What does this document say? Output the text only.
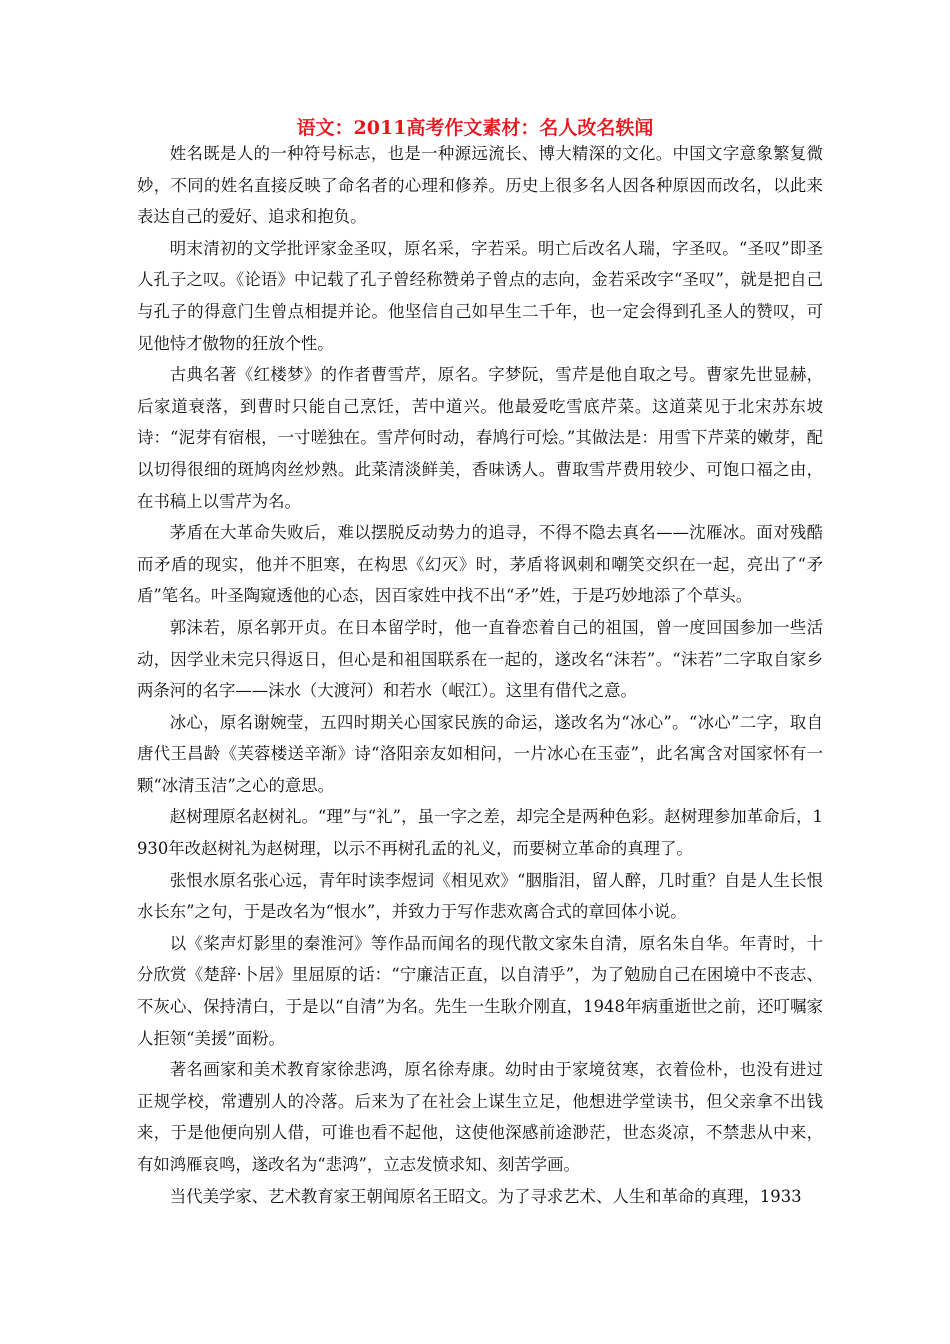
语文：2011高考作文素材：名人改名轶闻

姓名既是人的一种符号标志，也是一种源远流长、博大精深的文化。中国文字意象繁复微妙，不同的姓名直接反映了命名者的心理和修养。历史上很多名人因各种原因而改名，以此来表达自己的爱好、追求和抱负。

明末清初的文学批评家金圣叹，原名采，字若采。明亡后改名人瑞，字圣叹。“圣叹”即圣人孔子之叹。《论语》中记载了孔子曾经称赞弟子曾点的志向，金若采改字“圣叹”，就是把自己与孔子的得意门生曾点相提并论。他坚信自己如早生二千年，也一定会得到孔圣人的赞叹，可见他恃才傲物的狂放个性。

古典名著《红楼梦》的作者曹雪芹，原名。字梦阮，雪芹是他自取之号。曹家先世显赫，后家道衰落，到曹时只能自己烹饪，苦中道兴。他最爱吃雪底芹菜。这道菜见于北宋苏东坡诗：“泥芽有宿根，一寸嗟独在。雪芹何时动，春鸠行可烩。”其做法是：用雪下芹菜的嫩芽，配以切得很细的斑鸠肉丝炒熟。此菜清淡鲜美，香味诱人。曹取雪芹费用较少、可饱口福之由，在书稿上以雪芹为名。

茅盾在大革命失败后，难以摆脱反动势力的追寻，不得不隐去真名——沈雁冰。面对残酷而矛盾的现实，他并不胆寒，在构思《幻灭》时，茅盾将讽刺和嘲笑交织在一起，亮出了“矛盾”笔名。叶圣陶窥透他的心态，因百家姓中找不出“矛”姓，于是巧妙地添了个草头。

郭沫若，原名郭开贞。在日本留学时，他一直眷恋着自己的祖国，曾一度回国参加一些活动，因学业未完只得返日，但心是和祖国联系在一起的，遂改名“沫若”。“沫若”二字取自家乡两条河的名字——沫水（大渡河）和若水（岷江）。这里有借代之意。

冰心，原名谢婉莹，五四时期关心国家民族的命运，遂改名为“冰心”。“冰心”二字，取自唐代王昌龄《芙蓉楼送辛渐》诗“洛阳亲友如相问，一片冰心在玉壶”，此名寓含对国家怀有一颗“冰清玉洁”之心的意思。

赵树理原名赵树礼。“理”与“礼”，虽一字之差，却完全是两种色彩。赵树理参加革命后，1930年改赵树礼为赵树理，以示不再树孔孟的礼义，而要树立革命的真理了。

张恨水原名张心远，青年时读李煜词《相见欢》“胭脂泪，留人醉，几时重？自是人生长恨水长东”之句，于是改名为“恨水”，并致力于写作悲欢离合式的章回体小说。

以《桨声灯影里的秦淮河》等作品而闻名的现代散文家朱自清，原名朱自华。年青时，十分欣赏《楚辞·卜居》里屈原的话：“宁廉洁正直，以自清乎”，为了勉励自己在困境中不丧志、不灰心、保持清白，于是以“自清”为名。先生一生耿介刚直，1948年病重逝世之前，还叮嘱家人拒领“美援”面粉。

著名画家和美术教育家徐悲鸿，原名徐寿康。幼时由于家境贫寒，衣着俭朴，也没有进过正规学校，常遭别人的冷落。后来为了在社会上谋生立足，他想进学堂读书，但父亲拿不出钱来，于是他便向别人借，可谁也看不起他，这使他深感前途渺茫，世态炎凉，不禁悲从中来，有如鸿雁哀鸣，遂改名为“悲鸿”，立志发愤求知、刻苦学画。

当代美学家、艺术教育家王朝闻原名王昭文。为了寻求艺术、人生和革命的真理，1933
